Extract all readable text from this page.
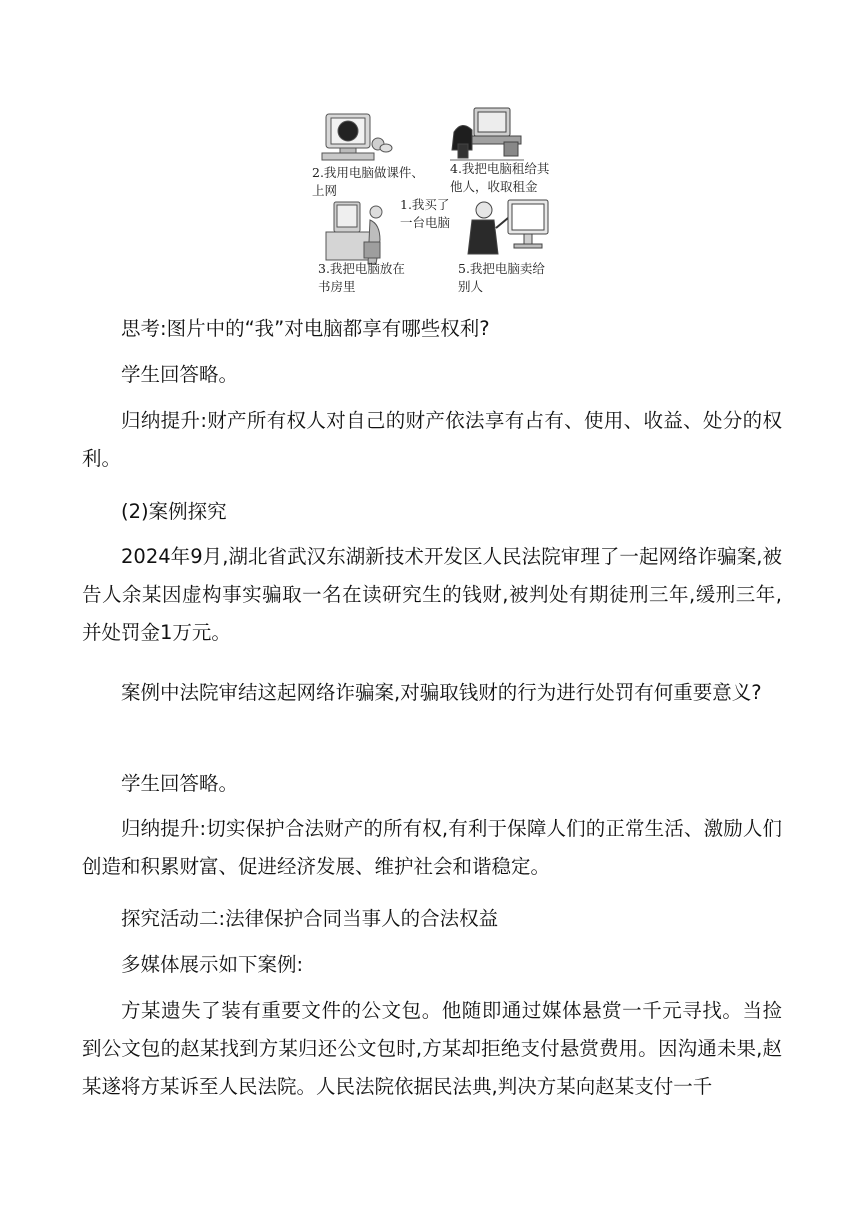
2.我用电脑做课件、
上网
4.我把电脑租给其
他人，收取租金
1.我买了
一台电脑
3.我把电脑放在
书房里
5.我把电脑卖给
别人

思考:图片中的“我”对电脑都享有哪些权利?

学生回答略。

归纳提升:财产所有权人对自己的财产依法享有占有、使用、收益、处分的权利。

(2)案例探究

2024年9月,湖北省武汉东湖新技术开发区人民法院审理了一起网络诈骗案,被告人余某因虚构事实骗取一名在读研究生的钱财,被判处有期徒刑三年,缓刑三年,并处罚金1万元。

案例中法院审结这起网络诈骗案,对骗取钱财的行为进行处罚有何重要意义?

学生回答略。

归纳提升:切实保护合法财产的所有权,有利于保障人们的正常生活、激励人们创造和积累财富、促进经济发展、维护社会和谐稳定。

探究活动二:法律保护合同当事人的合法权益

多媒体展示如下案例:

方某遗失了装有重要文件的公文包。他随即通过媒体悬赏一千元寻找。当捡到公文包的赵某找到方某归还公文包时,方某却拒绝支付悬赏费用。因沟通未果,赵某遂将方某诉至人民法院。人民法院依据民法典,判决方某向赵某支付一千
